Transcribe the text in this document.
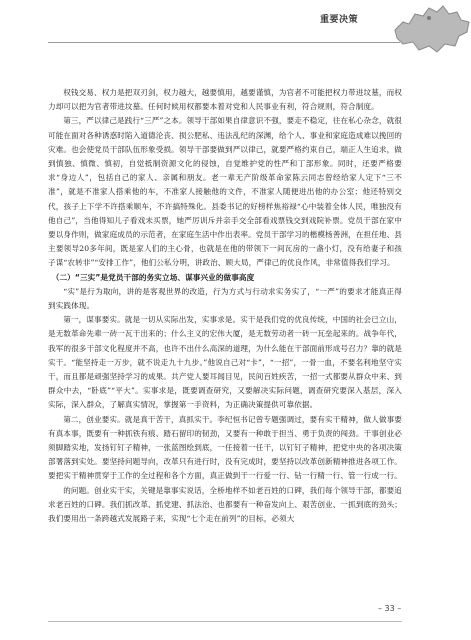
重要决策

权钱交易、权力是把双刃剑，权力越大，越要慎用，越要谨慎，为官者不可能把权力带进坟墓，而权力却可以把为官者带进坟墓。任何时候用权都要本着对党和人民事业有利，符合规则，符合制度。

第三，严以律己是践行“三严”之本。领导干部如果自律意识不强，要走不稳定，往在私心杂念，就很可能在面对各种诱惑时陷入道德沦丧、损公肥私、违法乱纪的深渊，给个人、事业和家庭造成难以挽回的灾难。也会使党员干部队伍形象受损。领导干部要做到严以律己，就要严格约束自己，端正人生追求，做到慎独、慎微、慎初，自觉抵制资源文化的侵蚀，自觉维护党的性严和丁部形象。同时，还要严格要求“身边人”，包括自己的家人、亲属和朋友。老一辈无产阶级革命家陈云同志曾经给家人定下“三不准”，就是不准家人搭乘他的车，不准家人接触他的文件，不准家人随便进出他的办公室；他还特别交代，孩子上下学不许搭乘顺车，不许搞特殊化。县委书记的好榜样焦裕禄“心中装着全体人民，唯独没有他自己”，当他得知儿子看戏未买票，她严厉训斥并亲手交全部看戏票钱交到戏院补票。党员干部在家中要以身作则，做家庭成员的示范者，在家庭生活中作出表率。党员干部学习的楷模杨善洲，在担任地、县主要领导20多年间，既是家人们的主心骨，也就是在他的带领下一间瓦房的一盏小灯，没有给妻子和孩子谋“农转非”“安排工作”，他们公私分明，讲政治、顾大局，严律己的优良作风，非常值得我们学习。

（二）“三实”是党员干部的务实立场、谋事兴业的做事高度

“实”是行为取向，讲的是客观世界的改造，行为方式与行动求实务实了，“一严”的要求才能真正得到实践体现。

第一，谋事要实。就是一切从实际出发，实事求是。实干是我们党的优良传统，中国的社会已立山，是无数革命先辈一砖一瓦干出来的；什么主义的宏伟大厦，是无数劳动者一砖一瓦垒起来的。战争年代，我军的很多干部文化程度并不高，也许不出什么高深的道理，为什么能在干部面前形成号召力？靠的就是实干。“能坚持走一万步，就不说走九十九步。”他说自己对“卡”，“一招”，一骨一血，不要名利地坚守实干，而且都是顽强坚持学习的成果。共产党人要耳闻目见，民间百姓疾苦，一招一式都要从群众中来、到群众中去，“卧底”“平大”。实事求是，既要调查研究，又要解决实际问题，调查研究要深入基层，深入实际，深入群众，了解真实情况，掌握第一手资料，为正确决策提供可靠依据。

第二，创业要实。就是真干苦干，真抓实干。李纪恒书记曾专题强调过，要有实干精神，做人做事要有真本事，既要有一种抓铁有痕、踏石留印的韧劲，又要有一种敢于担当、勇于负责的闯劲。干事创业必须脚踏实地，发扬钉钉子精神，一张蓝图绘到底，一任接着一任干，以钉钉子精神，把党中央的各项决策部署落到实处。要坚持问题导向，改革只有进行时，没有完成时，要坚持以改革创新精神推进各项工作。要把实干精神贯穿于工作的全过程和各个方面，真正做到干一行爱一行、钻一行精一行、管一行成一行。

的问题。创业实干实，关键是靠事实说话，全桥地样不如老百姓的口碑，我们每个领导干部，都要追求老百姓的口碑。我们抓改革、抓党建、抓法治、也都要有一种奋发向上、艰苦创业、一抓到底的劲头；我们要用出一条跨越式发展路子来，实现“七个走在前列”的目标，必须大

– 33 –
